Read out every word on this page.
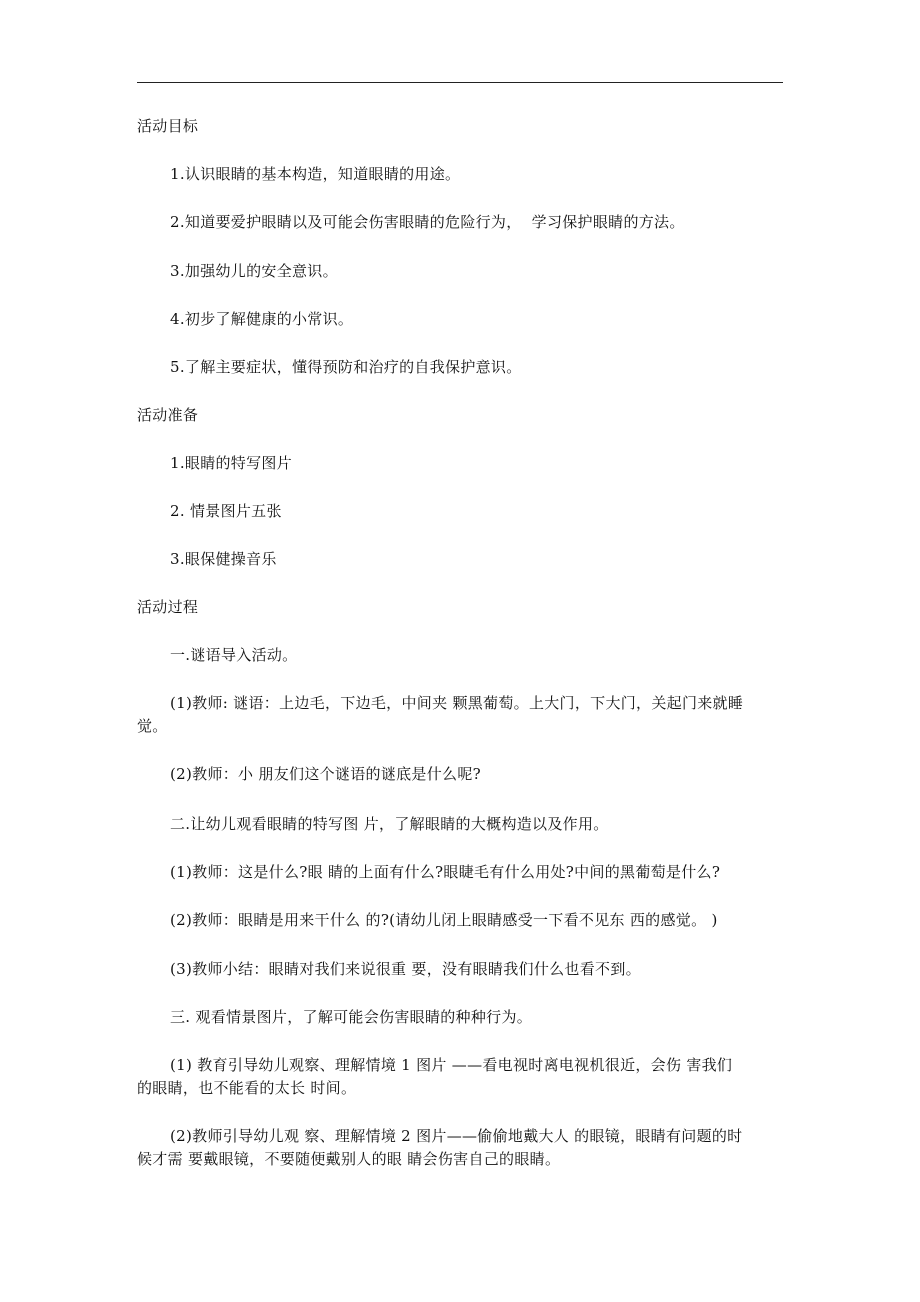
活动目标
1.认识眼睛的基本构造，知道眼睛的用途。
2.知道要爱护眼睛以及可能会伤害眼睛的危险行为，  学习保护眼睛的方法。
3.加强幼儿的安全意识。
4.初步了解健康的小常识。
5.了解主要症状，懂得预防和治疗的自我保护意识。
活动准备
1.眼睛的特写图片
2. 情景图片五张
3.眼保健操音乐
活动过程
一.谜语导入活动。
(1)教师: 谜语：上边毛，下边毛，中间夹 颗黑葡萄。上大门，下大门，关起门来就睡
觉。
(2)教师：小 朋友们这个谜语的谜底是什么呢?
二.让幼儿观看眼睛的特写图 片，了解眼睛的大概构造以及作用。
(1)教师：这是什么?眼 睛的上面有什么?眼睫毛有什么用处?中间的黑葡萄是什么?
(2)教师：眼睛是用来干什么 的?(请幼儿闭上眼睛感受一下看不见东 西的感觉。 )
(3)教师小结：眼睛对我们来说很重 要，没有眼睛我们什么也看不到。
三. 观看情景图片，了解可能会伤害眼睛的种种行为。
(1) 教育引导幼儿观察、理解情境 1 图片 ——看电视时离电视机很近，会伤 害我们
的眼睛，也不能看的太长 时间。
(2)教师引导幼儿观 察、理解情境 2 图片——偷偷地戴大人 的眼镜，眼睛有问题的时
候才需 要戴眼镜，不要随便戴别人的眼 睛会伤害自己的眼睛。
